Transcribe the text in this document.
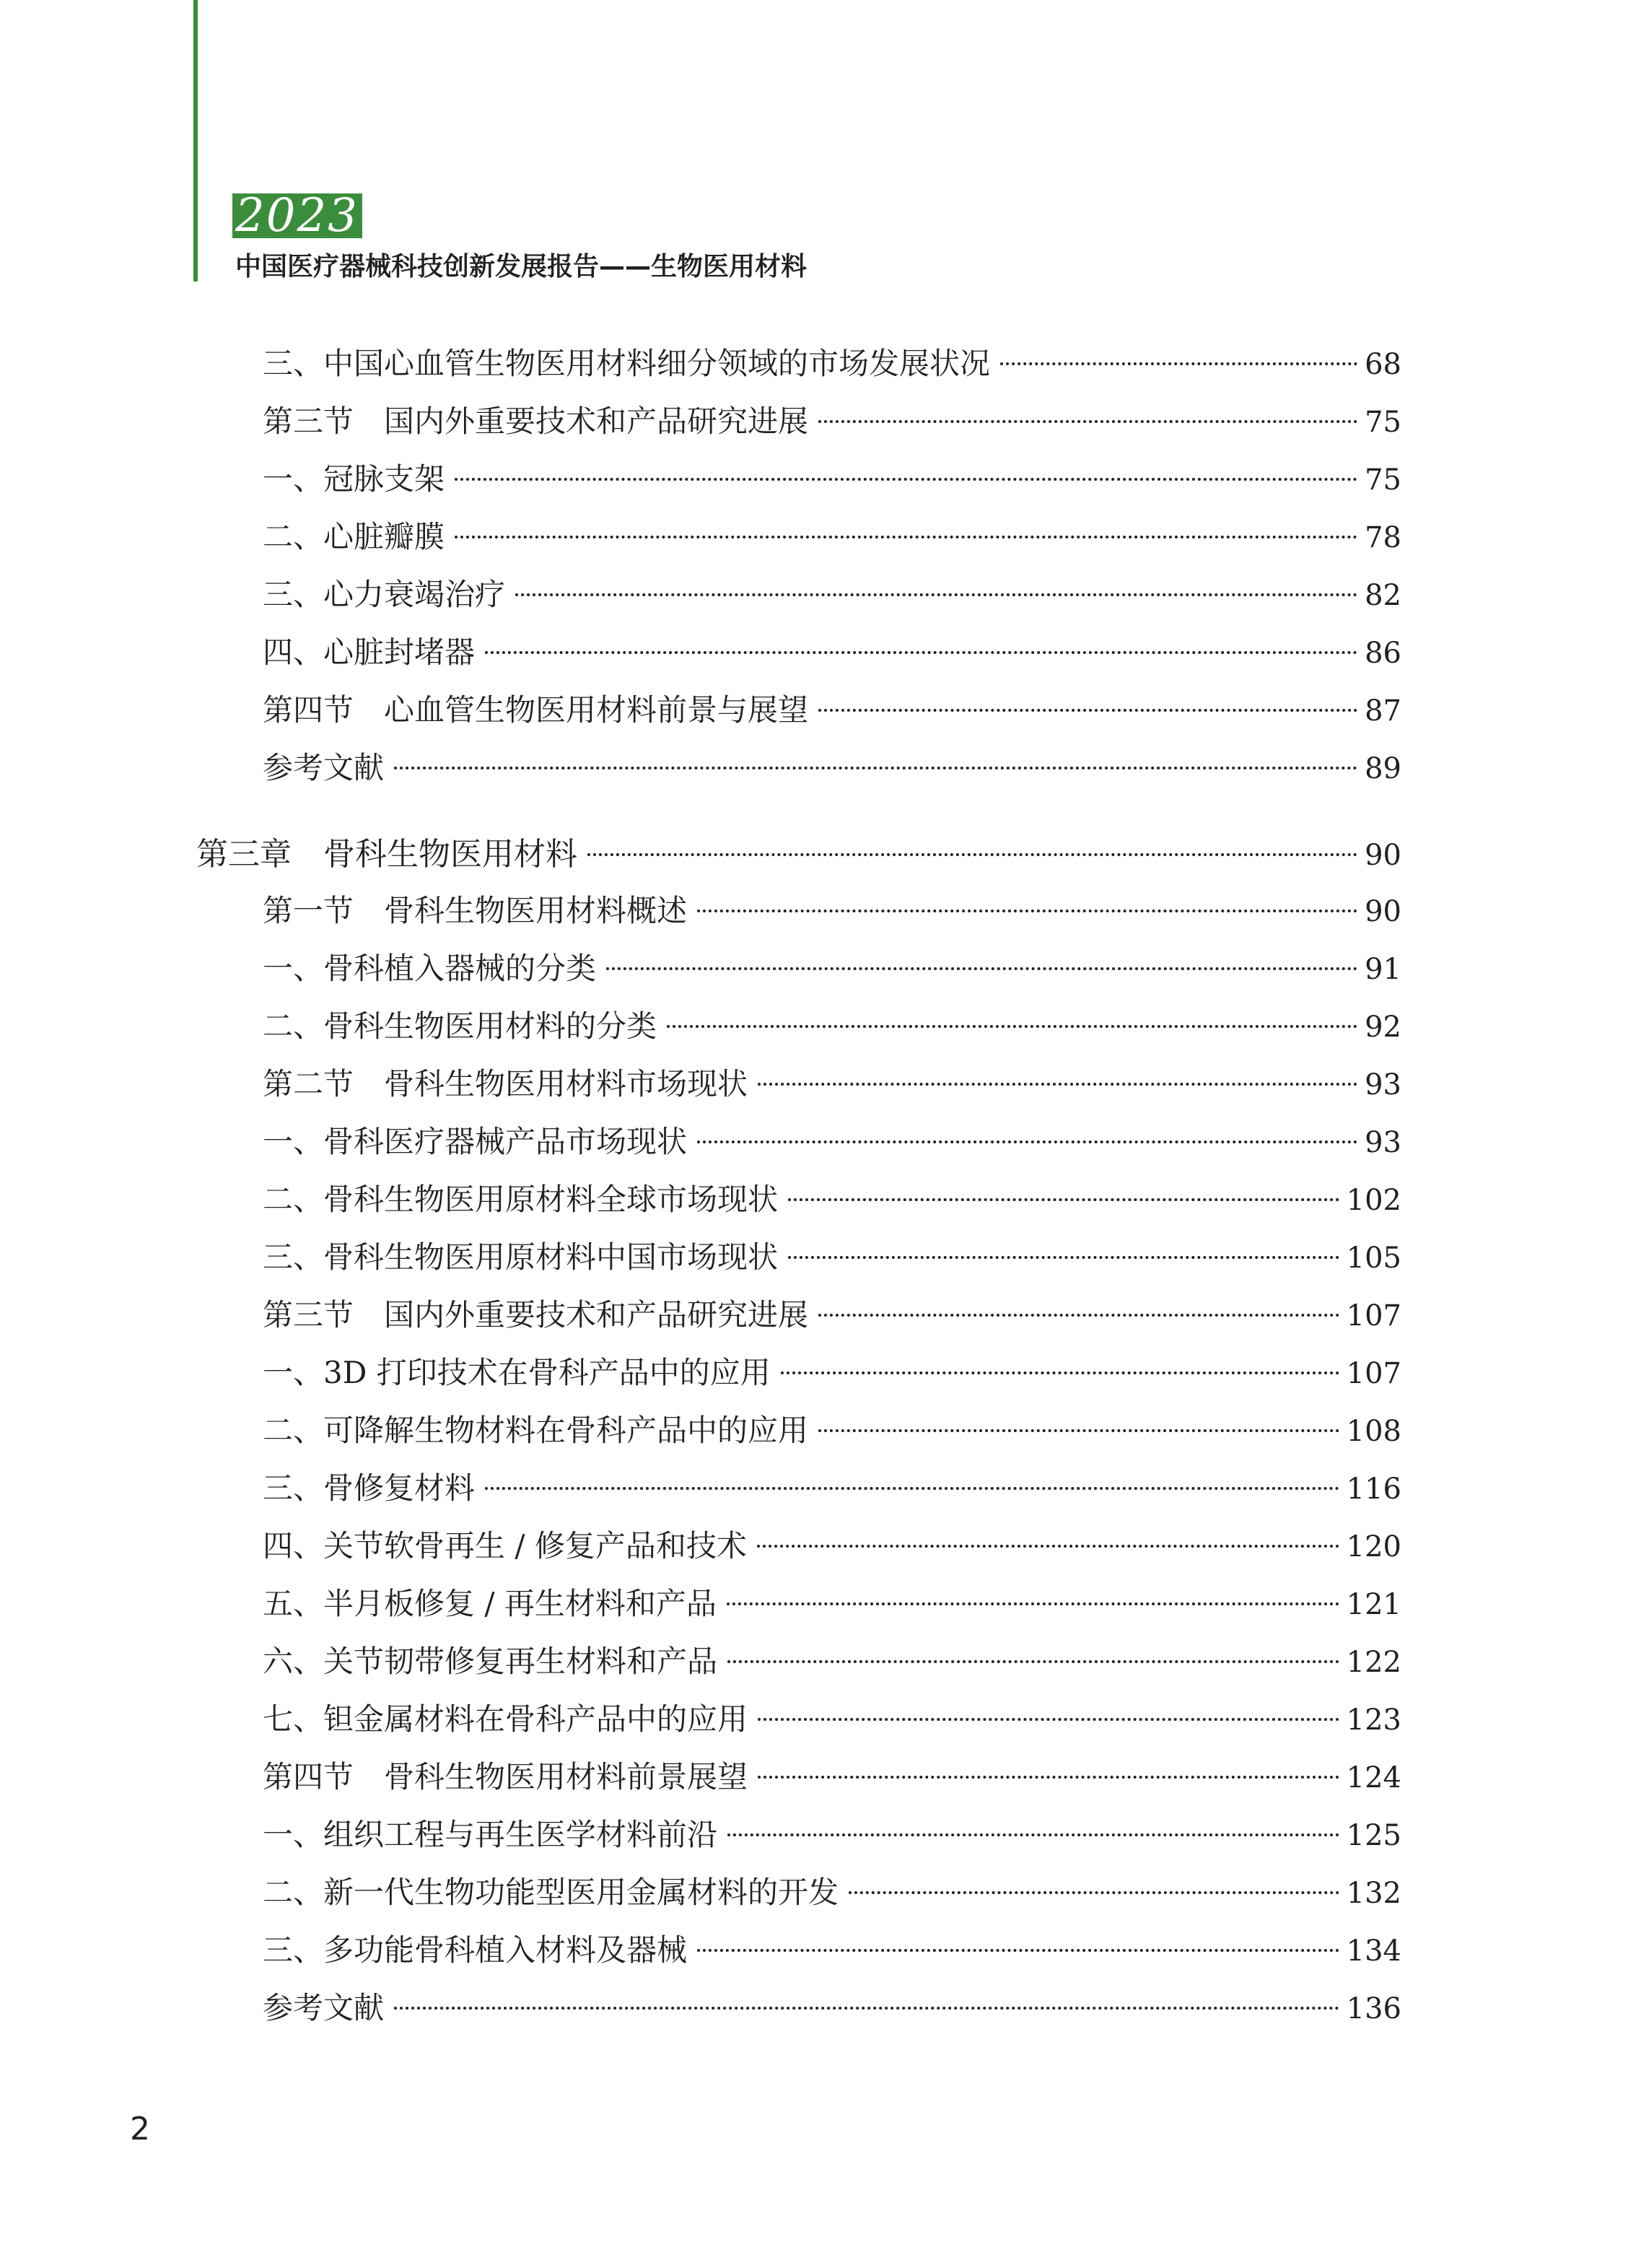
2023
中国医疗器械科技创新发展报告——生物医用材料
三、中国心血管生物医用材料细分领域的市场发展状况	68
第三节　国内外重要技术和产品研究进展	75
一、冠脉支架	75
二、心脏瓣膜	78
三、心力衰竭治疗	82
四、心脏封堵器	86
第四节　心血管生物医用材料前景与展望	87
参考文献	89
第三章　骨科生物医用材料	90
第一节　骨科生物医用材料概述	90
一、骨科植入器械的分类	91
二、骨科生物医用材料的分类	92
第二节　骨科生物医用材料市场现状	93
一、骨科医疗器械产品市场现状	93
二、骨科生物医用原材料全球市场现状	102
三、骨科生物医用原材料中国市场现状	105
第三节　国内外重要技术和产品研究进展	107
一、3D 打印技术在骨科产品中的应用	107
二、可降解生物材料在骨科产品中的应用	108
三、骨修复材料	116
四、关节软骨再生 / 修复产品和技术	120
五、半月板修复 / 再生材料和产品	121
六、关节韧带修复再生材料和产品	122
七、钽金属材料在骨科产品中的应用	123
第四节　骨科生物医用材料前景展望	124
一、组织工程与再生医学材料前沿	125
二、新一代生物功能型医用金属材料的开发	132
三、多功能骨科植入材料及器械	134
参考文献	136
2
